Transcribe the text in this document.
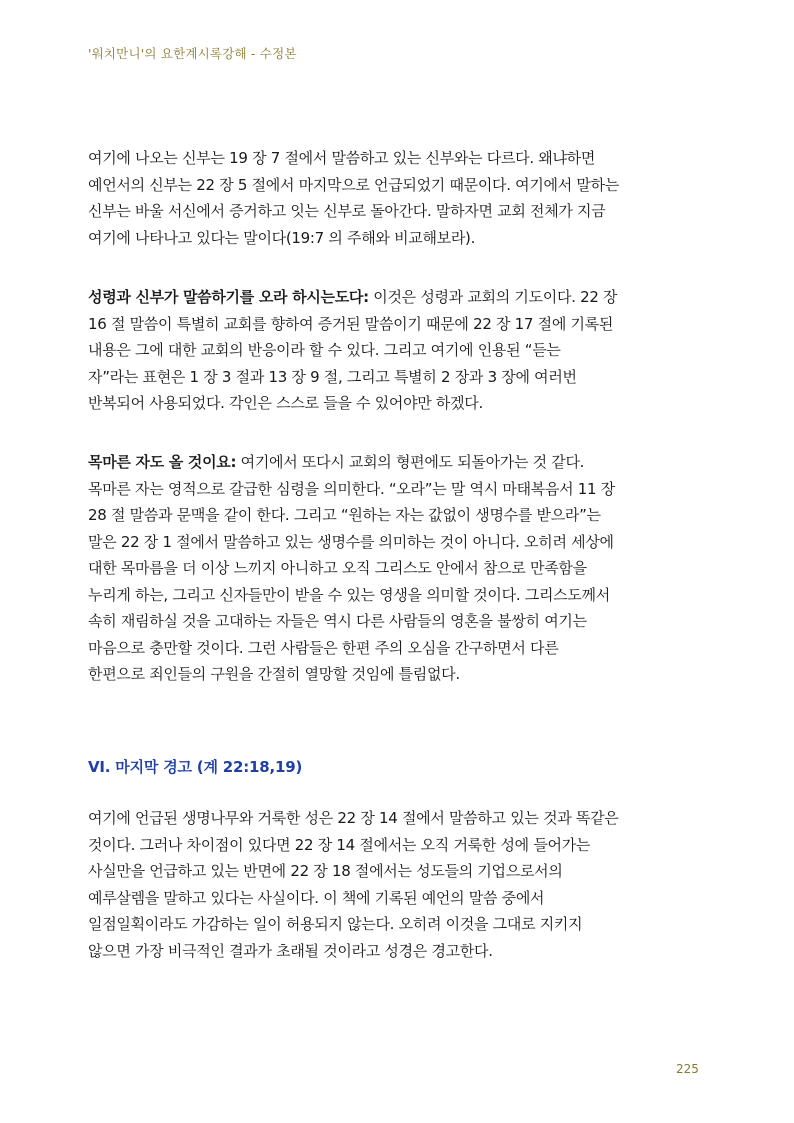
'워치만니'의 요한계시록강해 - 수정본
여기에 나오는 신부는 19 장 7 절에서 말씀하고 있는 신부와는 다르다. 왜냐하면
예언서의 신부는 22 장 5 절에서 마지막으로 언급되었기 때문이다. 여기에서 말하는
신부는 바울 서신에서 증거하고 잇는 신부로 돌아간다. 말하자면 교회 전체가 지금
여기에 나타나고 있다는 말이다(19:7 의 주해와 비교해보라).
성령과 신부가 말씀하기를 오라 하시는도다: 이것은 성령과 교회의 기도이다. 22 장
16 절 말씀이 특별히 교회를 향하여 증거된 말씀이기 때문에 22 장 17 절에 기록된
내용은 그에 대한 교회의 반응이라 할 수 있다. 그리고 여기에 인용된 “듣는
자”라는 표현은 1 장 3 절과 13 장 9 절, 그리고 특별히 2 장과 3 장에 여러번
반복되어 사용되었다. 각인은 스스로 들을 수 있어야만 하겠다.
목마른 자도 올 것이요: 여기에서 또다시 교회의 형편에도 되돌아가는 것 같다.
목마른 자는 영적으로 갈급한 심령을 의미한다. “오라”는 말 역시 마태복음서 11 장
28 절 말씀과 문맥을 같이 한다. 그리고 “원하는 자는 값없이 생명수를 받으라”는
말은 22 장 1 절에서 말씀하고 있는 생명수를 의미하는 것이 아니다. 오히려 세상에
대한 목마름을 더 이상 느끼지 아니하고 오직 그리스도 안에서 참으로 만족함을
누리게 하는, 그리고 신자들만이 받을 수 있는 영생을 의미할 것이다. 그리스도께서
속히 재림하실 것을 고대하는 자들은 역시 다른 사람들의 영혼을 불쌍히 여기는
마음으로 충만할 것이다. 그런 사람들은 한편 주의 오심을 간구하면서 다른
한편으로 죄인들의 구원을 간절히 열망할 것임에 틀림없다.
VI. 마지막 경고 (계 22:18,19)
여기에 언급된 생명나무와 거룩한 성은 22 장 14 절에서 말씀하고 있는 것과 똑같은
것이다. 그러나 차이점이 있다면 22 장 14 절에서는 오직 거룩한 성에 들어가는
사실만을 언급하고 있는 반면에 22 장 18 절에서는 성도들의 기업으로서의
예루살렘을 말하고 있다는 사실이다. 이 책에 기록된 예언의 말씀 중에서
일점일획이라도 가감하는 일이 허용되지 않는다. 오히려 이것을 그대로 지키지
않으면 가장 비극적인 결과가 초래될 것이라고 성경은 경고한다.
225
